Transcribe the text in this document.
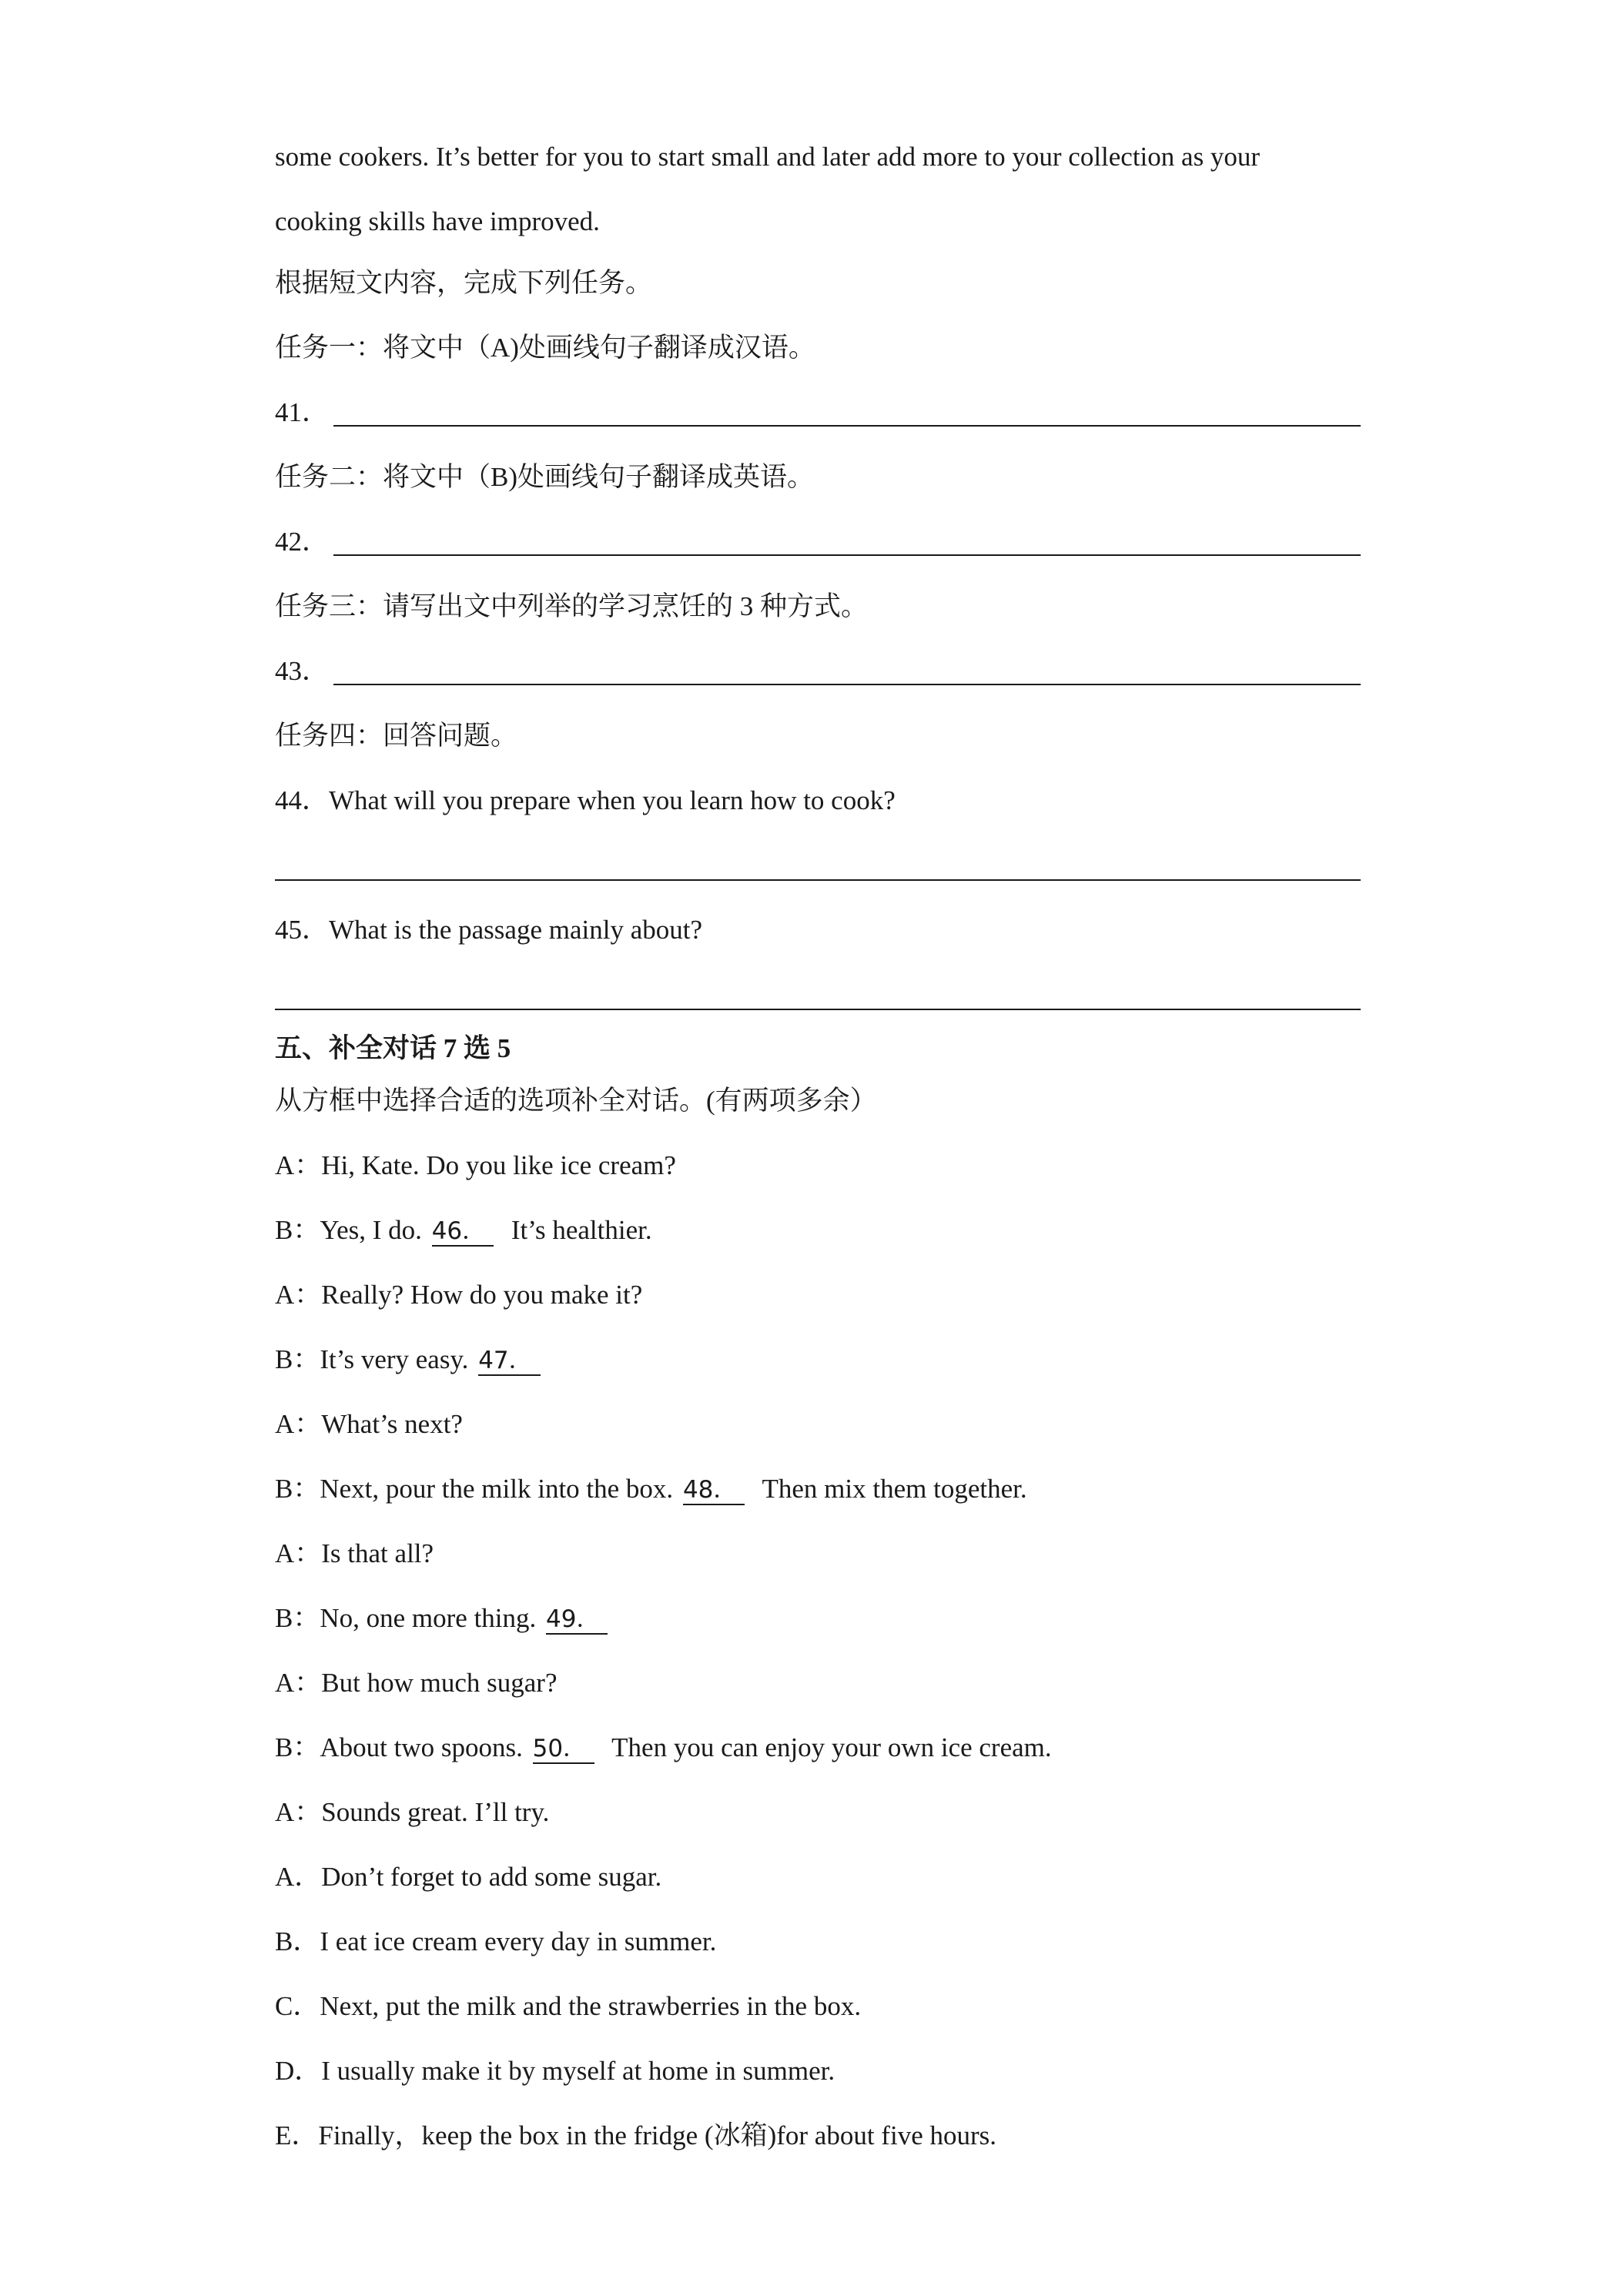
some cookers. It’s better for you to start small and later add more to your collection as your
cooking skills have improved.
根据短文内容，完成下列任务。
任务一：将文中（A)处画线句子翻译成汉语。
41．
任务二：将文中（B)处画线句子翻译成英语。
42．
任务三：请写出文中列举的学习烹饪的 3 种方式。
43．
任务四：回答问题。
44．What will you prepare when you learn how to cook?
45．What is the passage mainly about?
五、补全对话 7 选 5
从方框中选择合适的选项补全对话。(有两项多余）
A：Hi, Kate. Do you like ice cream?
B：Yes, I do. 46． It’s healthier.
A：Really? How do you make it?
B：It’s very easy. 47．
A：What’s next?
B：Next, pour the milk into the box. 48． Then mix them together.
A：Is that all?
B：No, one more thing. 49．
A：But how much sugar?
B：About two spoons. 50． Then you can enjoy your own ice cream.
A：Sounds great. I’ll try.
A．Don’t forget to add some sugar.
B．I eat ice cream every day in summer.
C．Next, put the milk and the strawberries in the box.
D．I usually make it by myself at home in summer.
E．Finally，keep the box in the fridge (冰箱)for about five hours.
